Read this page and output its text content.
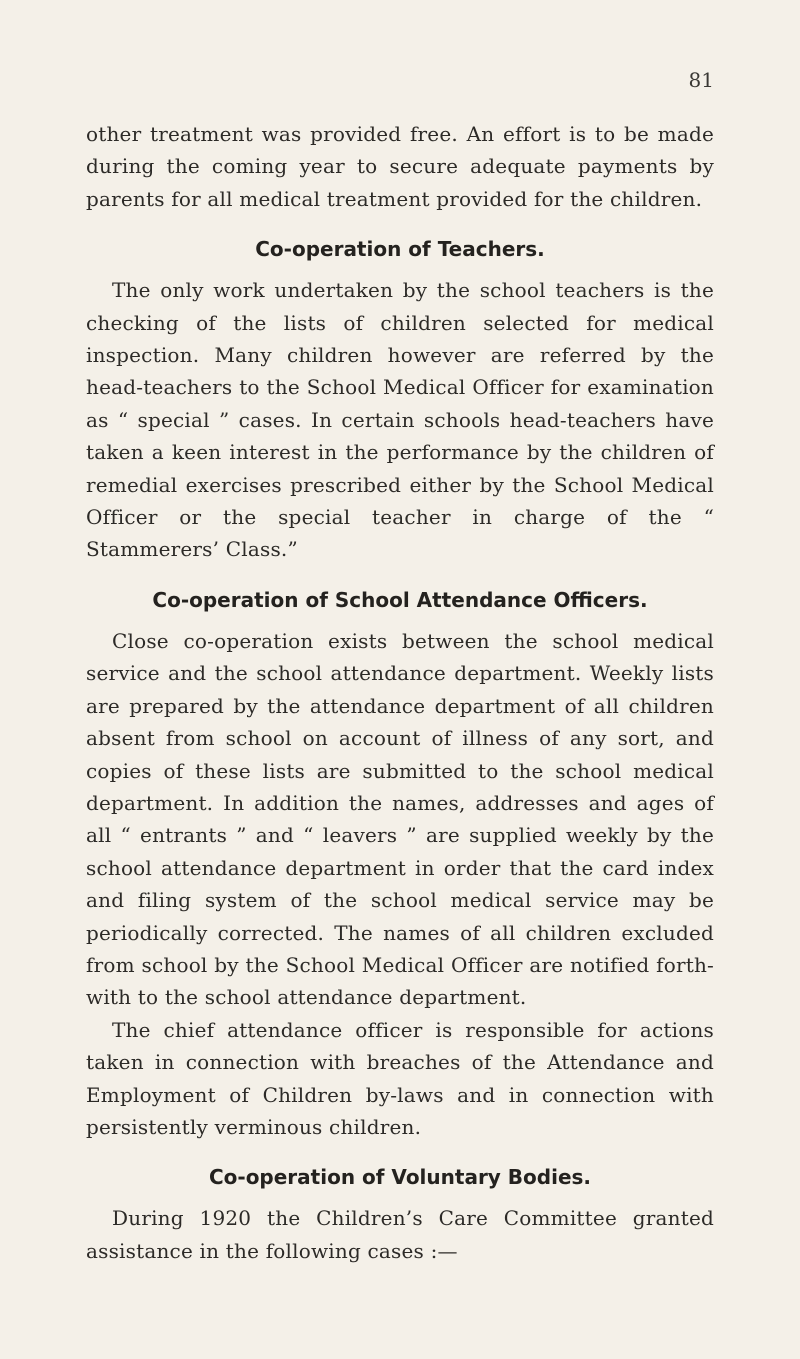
81

other treatment was provided free. An effort is to be made during the coming year to secure adequate payments by parents for all medical treatment provided for the children.

Co-operation of Teachers.

The only work undertaken by the school teachers is the checking of the lists of children selected for medical inspection. Many children however are referred by the head-teachers to the School Medical Officer for examination as “ special ” cases. In certain schools head-teachers have taken a keen interest in the performance by the children of remedial exercises prescribed either by the School Medical Officer or the special teacher in charge of the “ Stammerers’ Class.”

Co-operation of School Attendance Officers.

Close co-operation exists between the school medical service and the school attendance department. Weekly lists are prepared by the attendance department of all children absent from school on account of illness of any sort, and copies of these lists are submitted to the school medical department. In addition the names, addresses and ages of all “ entrants ” and “ leavers ” are supplied weekly by the school attendance department in order that the card index and filing system of the school medical service may be periodically corrected. The names of all children excluded from school by the School Medical Officer are notified forth-with to the school attendance department.

The chief attendance officer is responsible for actions taken in connection with breaches of the Attendance and Employment of Children by-laws and in connection with persistently verminous children.

Co-operation of Voluntary Bodies.

During 1920 the Children’s Care Committee granted assistance in the following cases :—
